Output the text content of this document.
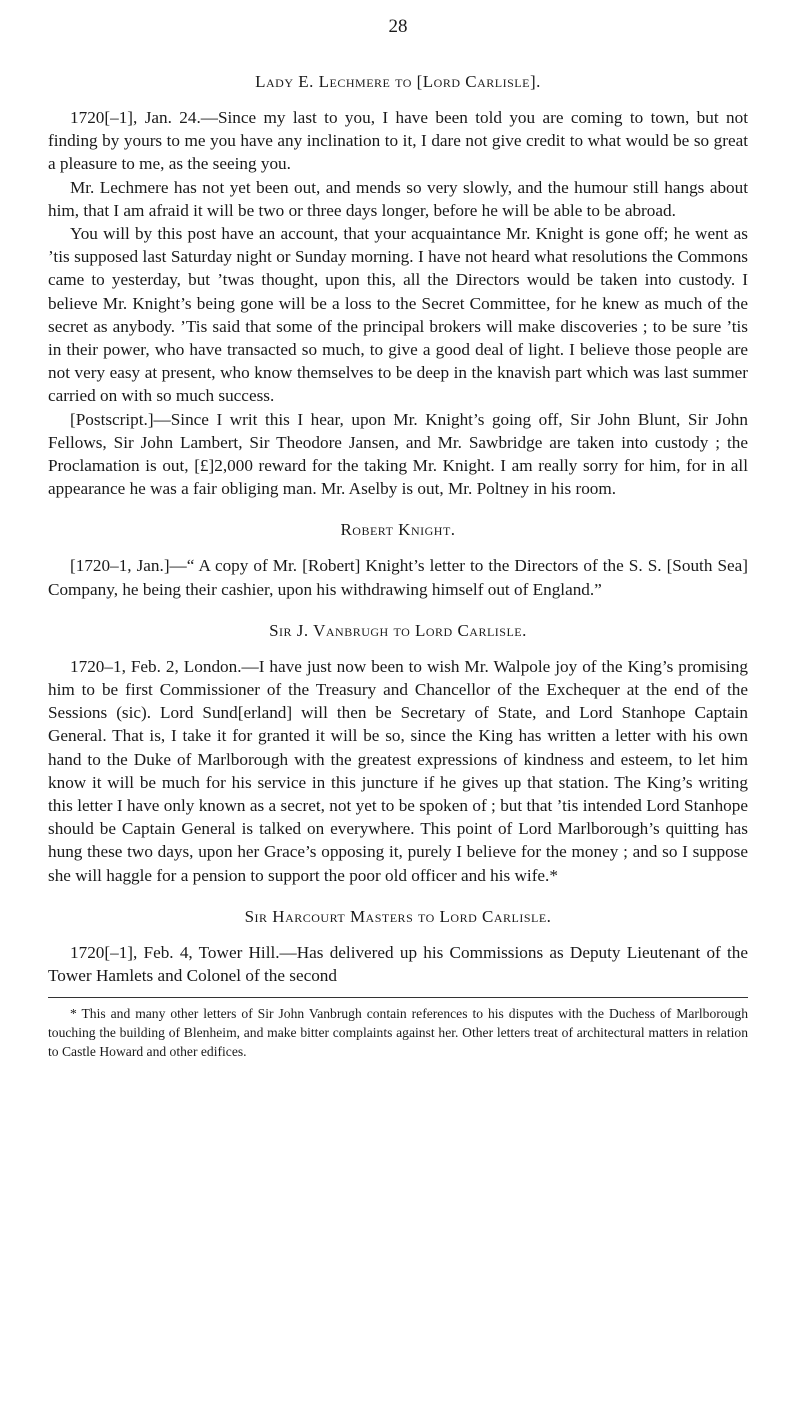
28
Lady E. Lechmere to [Lord Carlisle].

1720[–1], Jan. 24.—Since my last to you, I have been told you are coming to town, but not finding by yours to me you have any inclination to it, I dare not give credit to what would be so great a pleasure to me, as the seeing you.

Mr. Lechmere has not yet been out, and mends so very slowly, and the humour still hangs about him, that I am afraid it will be two or three days longer, before he will be able to be abroad.

You will by this post have an account, that your acquaintance Mr. Knight is gone off; he went as ’tis supposed last Saturday night or Sunday morning. I have not heard what resolutions the Commons came to yesterday, but ’twas thought, upon this, all the Directors would be taken into custody. I believe Mr. Knight’s being gone will be a loss to the Secret Committee, for he knew as much of the secret as anybody. ’Tis said that some of the principal brokers will make discoveries ; to be sure ’tis in their power, who have transacted so much, to give a good deal of light. I believe those people are not very easy at present, who know themselves to be deep in the knavish part which was last summer carried on with so much success.

[Postscript.]—Since I writ this I hear, upon Mr. Knight’s going off, Sir John Blunt, Sir John Fellows, Sir John Lambert, Sir Theodore Jansen, and Mr. Sawbridge are taken into custody ; the Proclamation is out, [£]2,000 reward for the taking Mr. Knight. I am really sorry for him, for in all appearance he was a fair obliging man. Mr. Aselby is out, Mr. Poltney in his room.

Robert Knight.

[1720–1, Jan.]—“ A copy of Mr. [Robert] Knight’s letter to the Directors of the S. S. [South Sea] Company, he being their cashier, upon his withdrawing himself out of England.”

Sir J. Vanbrugh to Lord Carlisle.

1720–1, Feb. 2, London.—I have just now been to wish Mr. Walpole joy of the King’s promising him to be first Commissioner of the Treasury and Chancellor of the Exchequer at the end of the Sessions (sic). Lord Sund[erland] will then be Secretary of State, and Lord Stanhope Captain General. That is, I take it for granted it will be so, since the King has written a letter with his own hand to the Duke of Marlborough with the greatest expressions of kindness and esteem, to let him know it will be much for his service in this juncture if he gives up that station. The King’s writing this letter I have only known as a secret, not yet to be spoken of ; but that ’tis intended Lord Stanhope should be Captain General is talked on everywhere. This point of Lord Marlborough’s quitting has hung these two days, upon her Grace’s opposing it, purely I believe for the money ; and so I suppose she will haggle for a pension to support the poor old officer and his wife.*

Sir Harcourt Masters to Lord Carlisle.

1720[–1], Feb. 4, Tower Hill.—Has delivered up his Commissions as Deputy Lieutenant of the Tower Hamlets and Colonel of the second

* This and many other letters of Sir John Vanbrugh contain references to his disputes with the Duchess of Marlborough touching the building of Blenheim, and make bitter complaints against her. Other letters treat of architectural matters in relation to Castle Howard and other edifices.
